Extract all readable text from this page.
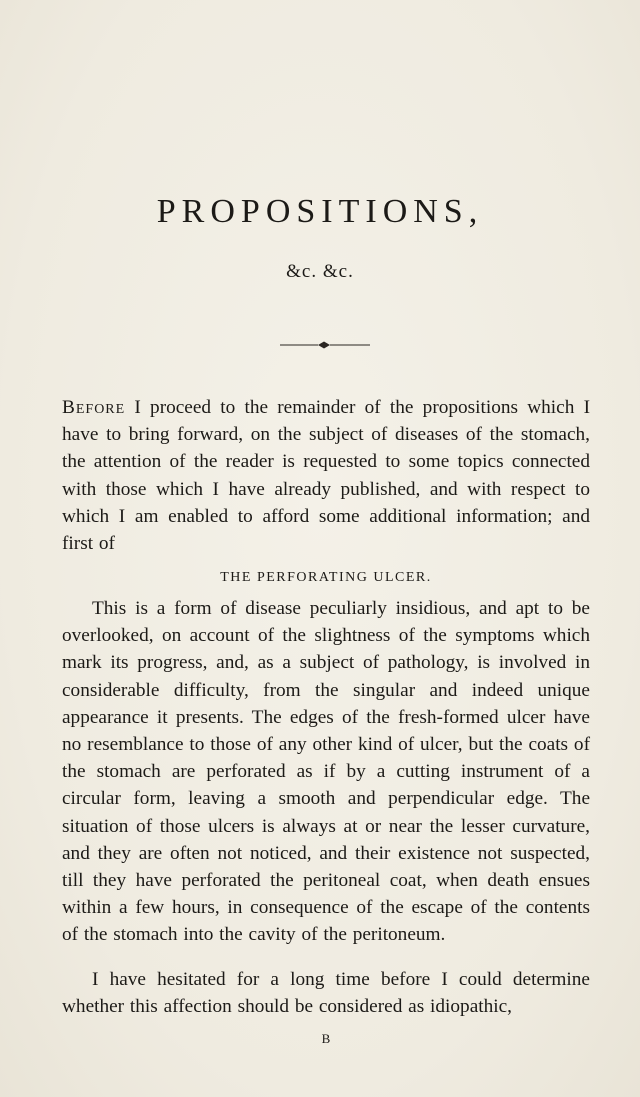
PROPOSITIONS,
&c. &c.

Before I proceed to the remainder of the propositions which I have to bring forward, on the subject of diseases of the stomach, the attention of the reader is requested to some topics connected with those which I have already published, and with respect to which I am enabled to afford some additional information; and first of

THE PERFORATING ULCER.

This is a form of disease peculiarly insidious, and apt to be overlooked, on account of the slightness of the symptoms which mark its progress, and, as a subject of pathology, is involved in considerable difficulty, from the singular and indeed unique appearance it presents. The edges of the fresh-formed ulcer have no resemblance to those of any other kind of ulcer, but the coats of the stomach are perforated as if by a cutting instrument of a circular form, leaving a smooth and perpendicular edge. The situation of those ulcers is always at or near the lesser curvature, and they are often not noticed, and their existence not suspected, till they have perforated the peritoneal coat, when death ensues within a few hours, in consequence of the escape of the contents of the stomach into the cavity of the peritoneum.

I have hesitated for a long time before I could determine whether this affection should be considered as idiopathic,

B
